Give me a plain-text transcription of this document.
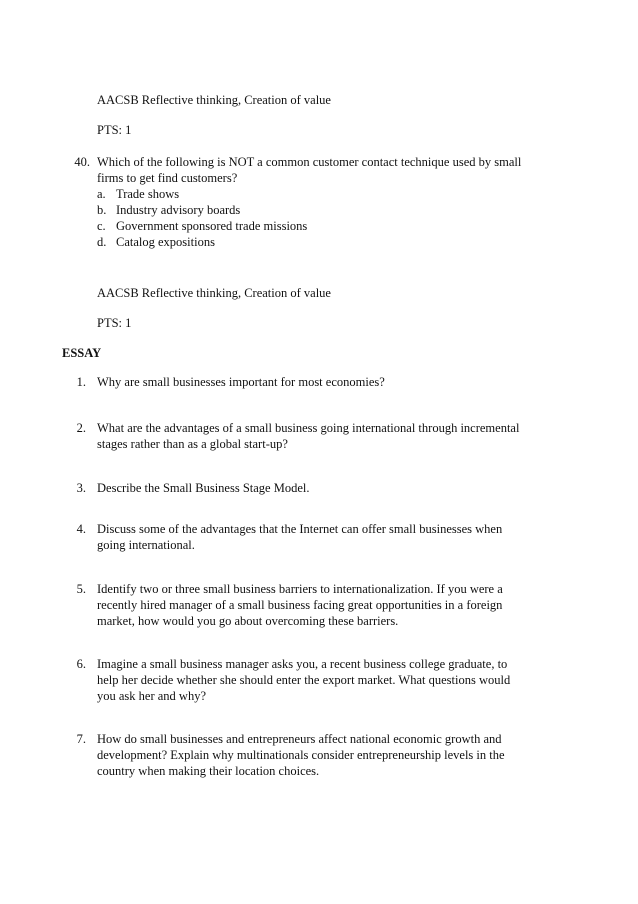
AACSB Reflective thinking, Creation of value
PTS: 1
40. Which of the following is NOT a common customer contact technique used by small
firms to get find customers?
a. Trade shows
b. Industry advisory boards
c. Government sponsored trade missions
d. Catalog expositions
AACSB Reflective thinking, Creation of value
PTS: 1
ESSAY
1. Why are small businesses important for most economies?
2. What are the advantages of a small business going international through incremental
stages rather than as a global start-up?
3. Describe the Small Business Stage Model.
4. Discuss some of the advantages that the Internet can offer small businesses when
going international.
5. Identify two or three small business barriers to internationalization. If you were a
recently hired manager of a small business facing great opportunities in a foreign
market, how would you go about overcoming these barriers.
6. Imagine a small business manager asks you, a recent business college graduate, to
help her decide whether she should enter the export market. What questions would
you ask her and why?
7. How do small businesses and entrepreneurs affect national economic growth and
development? Explain why multinationals consider entrepreneurship levels in the
country when making their location choices.
